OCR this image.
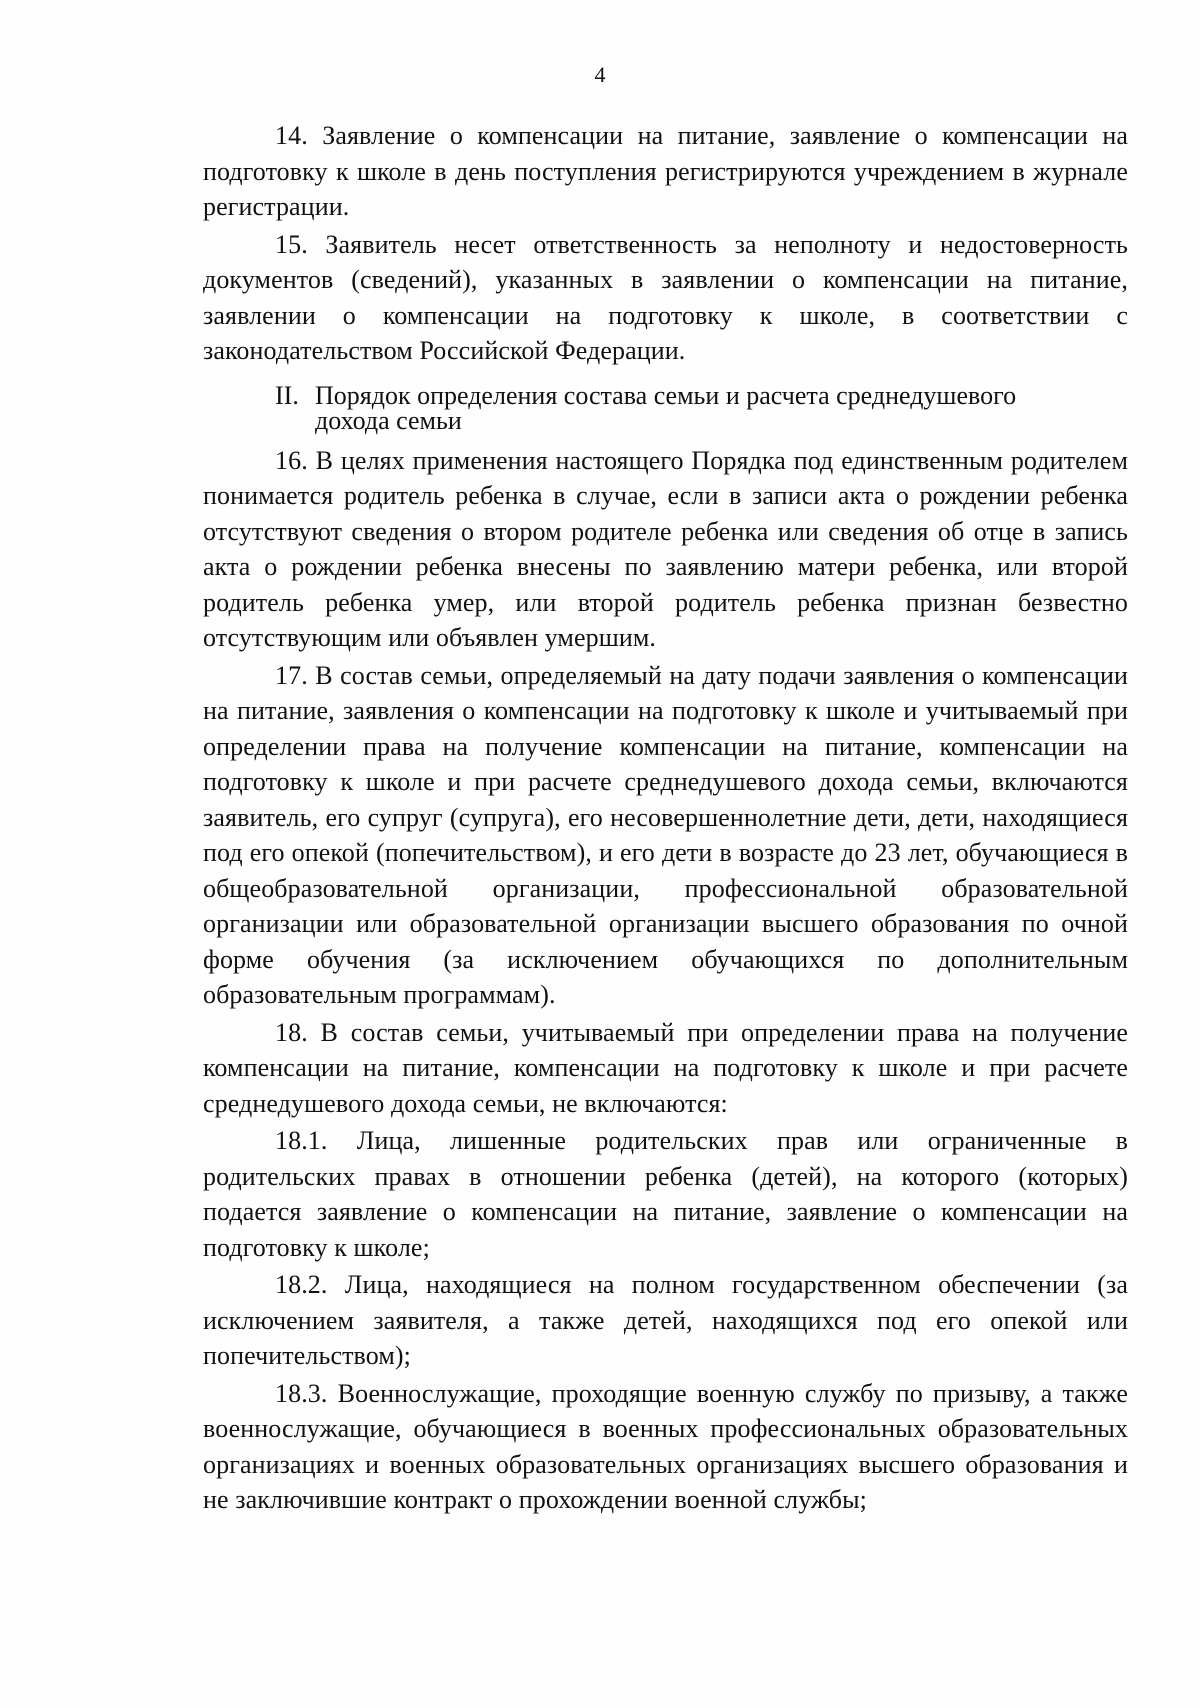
4

14. Заявление о компенсации на питание, заявление о компенсации на подготовку к школе в день поступления регистрируются учреждением в журнале регистрации.

15. Заявитель несет ответственность за неполноту и недостоверность документов (сведений), указанных в заявлении о компенсации на питание, заявлении о компенсации на подготовку к школе, в соответствии с законодательством Российской Федерации.

II. Порядок определения состава семьи и расчета среднедушевого дохода семьи

16. В целях применения настоящего Порядка под единственным родителем понимается родитель ребенка в случае, если в записи акта о рождении ребенка отсутствуют сведения о втором родителе ребенка или сведения об отце в запись акта о рождении ребенка внесены по заявлению матери ребенка, или второй родитель ребенка умер, или второй родитель ребенка признан безвестно отсутствующим или объявлен умершим.

17. В состав семьи, определяемый на дату подачи заявления о компенсации на питание, заявления о компенсации на подготовку к школе и учитываемый при определении права на получение компенсации на питание, компенсации на подготовку к школе и при расчете среднедушевого дохода семьи, включаются заявитель, его супруг (супруга), его несовершеннолетние дети, дети, находящиеся под его опекой (попечительством), и его дети в возрасте до 23 лет, обучающиеся в общеобразовательной организации, профессиональной образовательной организации или образовательной организации высшего образования по очной форме обучения (за исключением обучающихся по дополнительным образовательным программам).

18. В состав семьи, учитываемый при определении права на получение компенсации на питание, компенсации на подготовку к школе и при расчете среднедушевого дохода семьи, не включаются:

18.1. Лица, лишенные родительских прав или ограниченные в родительских правах в отношении ребенка (детей), на которого (которых) подается заявление о компенсации на питание, заявление о компенсации на подготовку к школе;

18.2. Лица, находящиеся на полном государственном обеспечении (за исключением заявителя, а также детей, находящихся под его опекой или попечительством);

18.3. Военнослужащие, проходящие военную службу по призыву, а также военнослужащие, обучающиеся в военных профессиональных образовательных организациях и военных образовательных организациях высшего образования и не заключившие контракт о прохождении военной службы;
